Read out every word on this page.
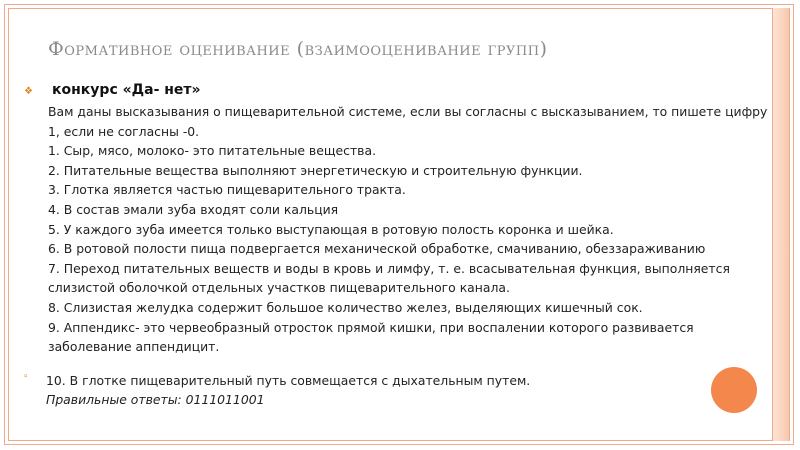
Формативное оценивание (взаимооценивание групп)
❖ конкурс «Да- нет»
Вам даны высказывания о пищеварительной системе, если вы согласны с высказыванием, то пишете цифру 1, если не согласны -0.
1. Сыр, мясо, молоко- это питательные вещества.
2. Питательные вещества выполняют энергетическую и строительную функции.
3. Глотка является частью пищеварительного тракта.
4. В состав эмали зуба входят соли кальция
5. У каждого зуба имеется только выступающая в ротовую полость коронка и шейка.
6. В ротовой полости пища подвергается механической обработке, смачиванию, обеззараживанию
7. Переход питательных веществ и воды в кровь и лимфу, т. е. всасывательная функция, выполняется слизистой оболочкой отдельных участков пищеварительного канала.
8. Слизистая желудка содержит большое количество желез, выделяющих кишечный сок.
9. Аппендикс- это червеобразный отросток прямой кишки, при воспалении которого развивается заболевание аппендицит.
▫	10. В глотке пищеварительный путь совмещается с дыхательным путем.
Правильные ответы: 0111011001
